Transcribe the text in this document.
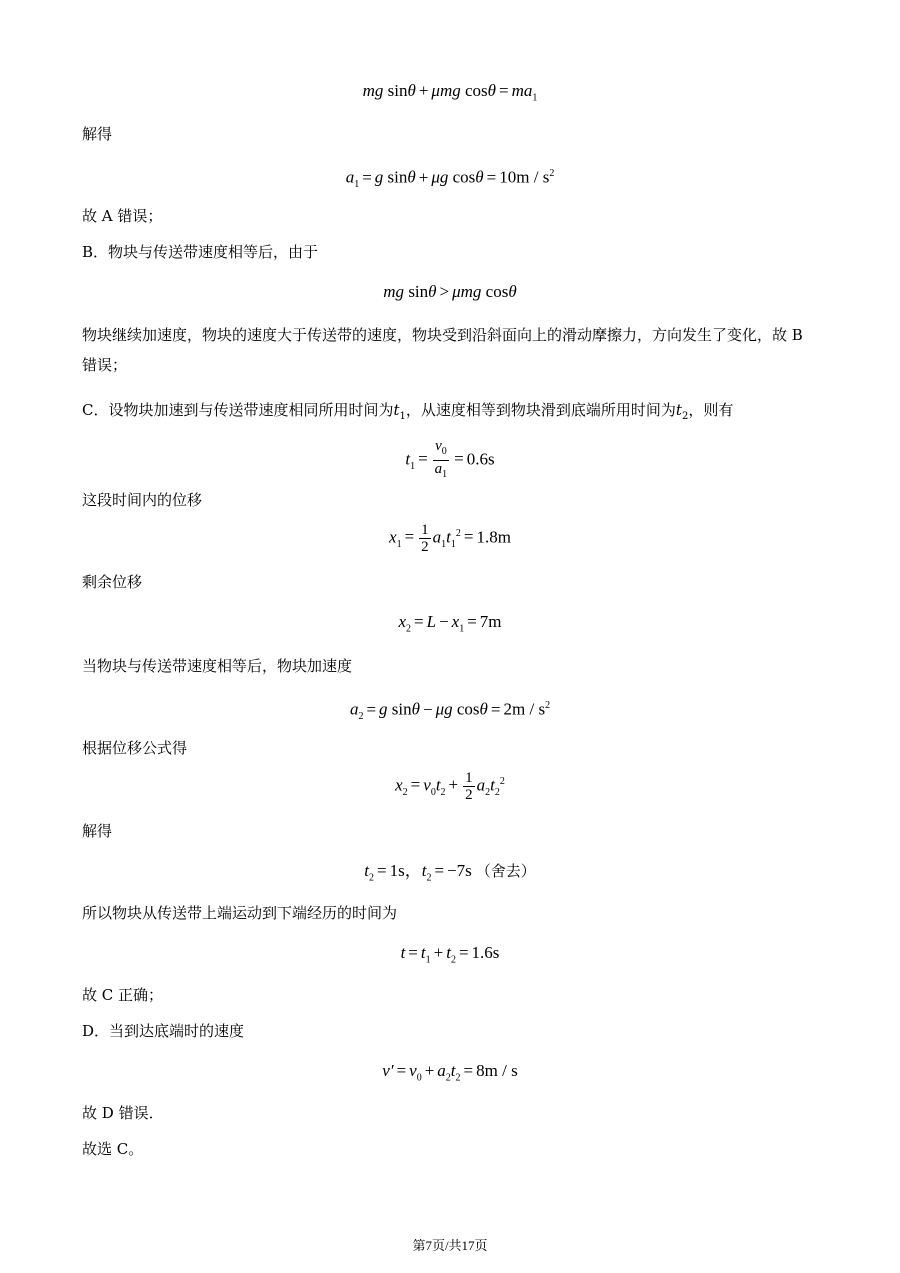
mg sinθ + μmg $\cos\theta = ma_1$
解得
$a_1 = g$ sinθ + μg $\cos\theta = 10m / s^2$
故 A 错误；
B．物块与传送带速度相等后，由于
mg sinθ > μmg cosθ
物块继续加速度，物块的速度大于传送带的速度，物块受到沿斜面向上的滑动摩擦力，方向发生了变化，故 B 错误；
C．设物块加速到与传送带速度相同所用时间为$t_1$，从速度相等到物块滑到底端所用时间为$t_2$，则有
$t_1 = \frac{v_0}{a_1} = 0.6s$
这段时间内的位移
$x_1 = \frac{1}{2} a_1t_1^2 = 1.8m$
剩余位移
$x_2 = L - x_1 = 7m$
当物块与传送带速度相等后，物块加速度
$a_2 = g$ sinθ − μg $\cos\theta = 2m / s^2$
根据位移公式得
$x_2 = v_0t_2 + \frac{1}{2} a_2t_2^2$
解得
$t_2 = 1s$，$t_2 = -7s$ （舍去）
所以物块从传送带上端运动到下端经历的时间为
$t = t_1 + t_2 = 1.6s$
故 C 正确；
D．当到达底端时的速度
$v' = v_0 + a_2t_2 = 8m / s$
故 D 错误．
故选 C。
第7页/共17页
